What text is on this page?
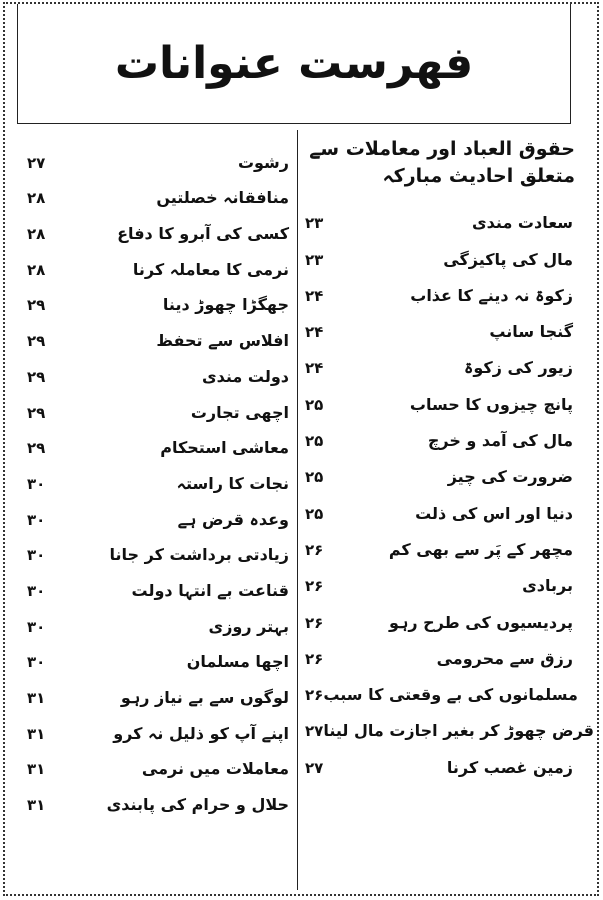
فهرست عنوانات
حقوق العباد اور معاملات سے
متعلق احادیث مبارکہ
۲۳	سعادت مندی
۲۳	مال کی پاکیزگی
۲۴	زکوۃ نہ دینے کا عذاب
۲۴	گنجا سانپ
۲۴	زیور کی زکوۃ
۲۵	پانچ چیزوں کا حساب
۲۵	مال کی آمد و خرچ
۲۵	ضرورت کی چیز
۲۵	دنیا اور اس کی ذلت
۲۶	مچھر کے پَر سے بھی کم
۲۶	بربادی
۲۶	پردیسیوں کی طرح رہو
۲۶	رزق سے محرومی
۲۶ مسلمانوں کی بے وقعتی کا سبب
۲۷ قرض چھوڑ کر بغیر اجازت مال لینا
۲۷	زمین غصب کرنا
۲۷	رشوت
۲۸	منافقانہ خصلتیں
۲۸	کسی کی آبرو کا دفاع
۲۸	نرمی کا معاملہ کرنا
۲۹	جھگڑا چھوڑ دینا
۲۹	افلاس سے تحفظ
۲۹	دولت مندی
۲۹	اچھی تجارت
۲۹	معاشی استحکام
۳۰	نجات کا راستہ
۳۰	وعدہ قرض ہے
۳۰	زیادتی برداشت کر جانا
۳۰	قناعت بے انتہا دولت
۳۰	بہتر روزی
۳۰	اچھا مسلمان
۳۱	لوگوں سے بے نیاز رہو
۳۱	اپنے آپ کو ذلیل نہ کرو
۳۱	معاملات میں نرمی
۳۱	حلال و حرام کی پابندی
